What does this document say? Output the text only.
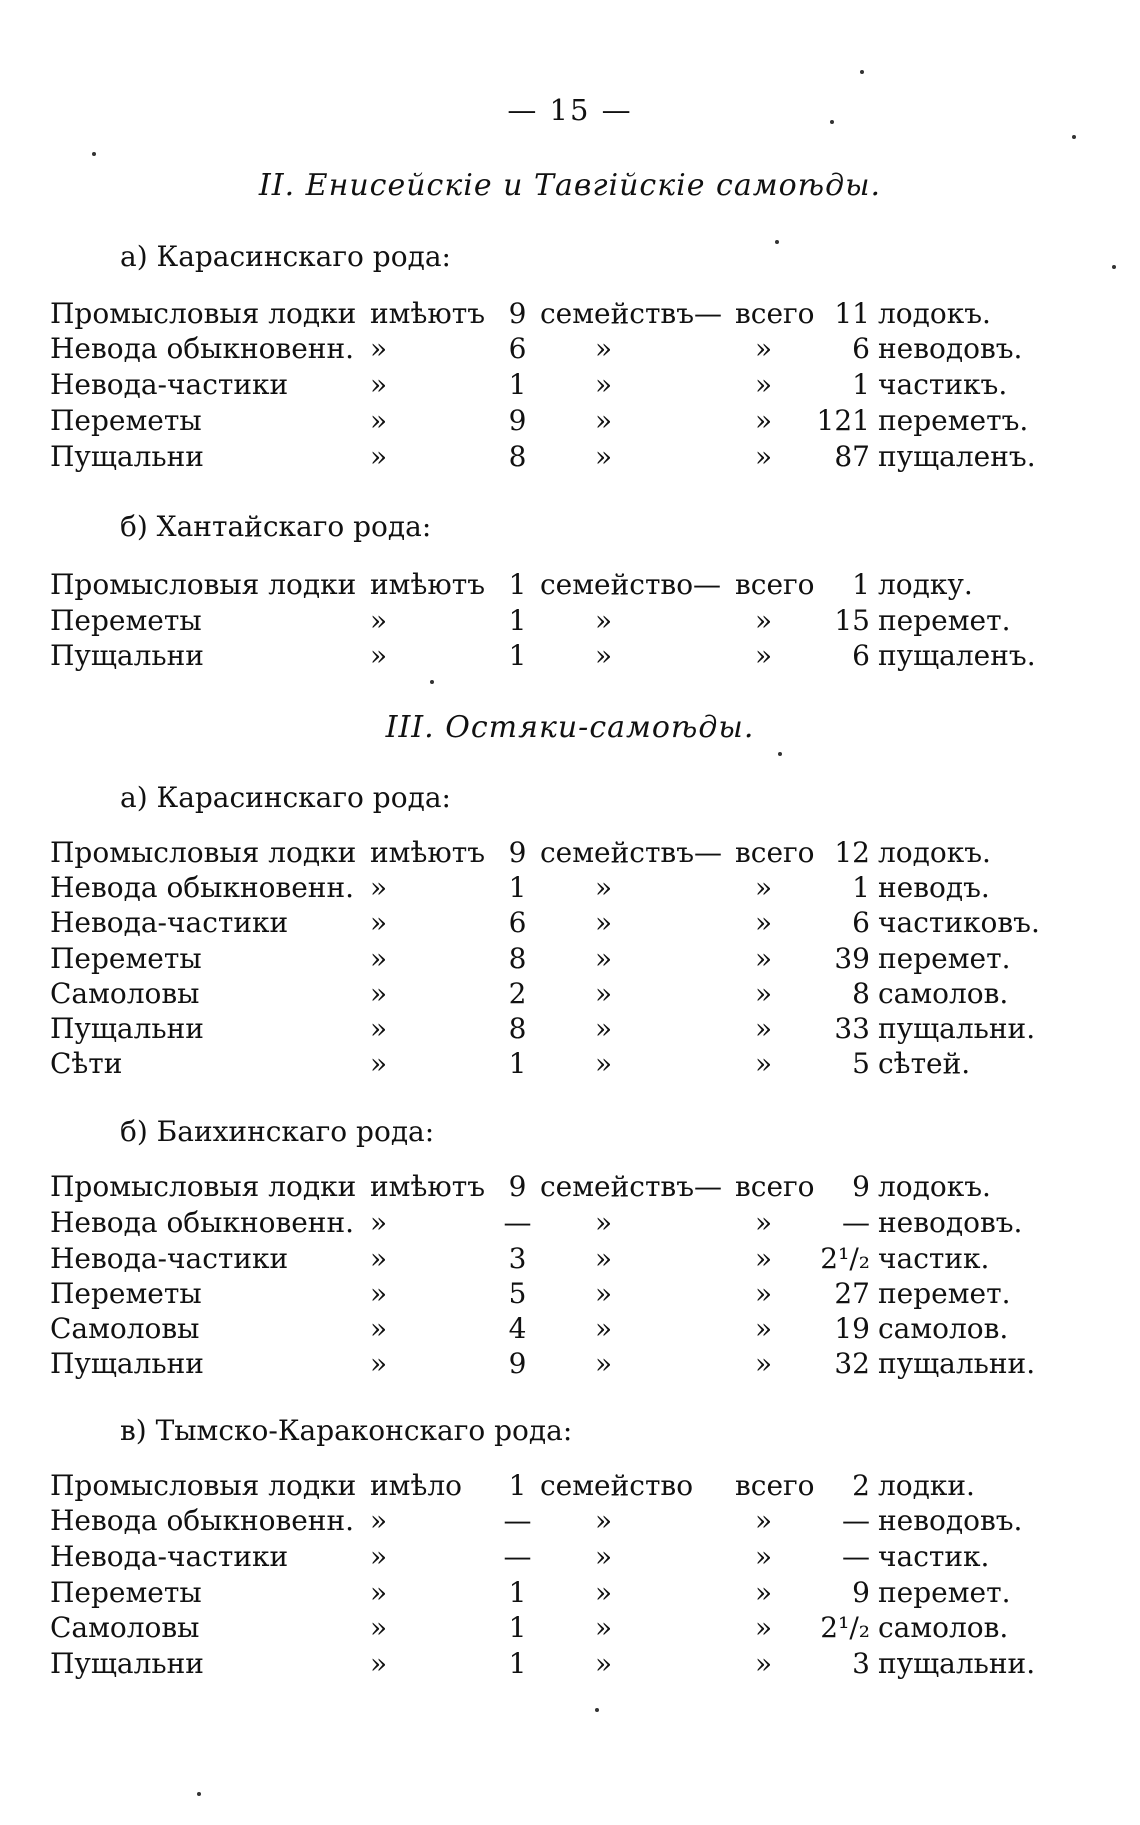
— 15 —
II. Енисейскіе и Тавгійскіе самоѣды.
а) Карасинскаго рода:
Промысловыя лодки имѣютъ 9 семействъ— всего 11 лодокъ.
Невода обыкновенн. »	6	»	»	6 неводовъ.
Невода-частики	»	1	»	»	1 частикъ.
Переметы	»	9	»	»	121 переметъ.
Пущальни	»	8	»	»	87 пущаленъ.
б) Хантайскаго рода:
Промысловыя лодки имѣютъ 1 семейство— всего	1 лодку.
Переметы	»	1	»	»	15 перемет.
Пущальни	»	1	»	»	6 пущаленъ.
III. Остяки-самоѣды.
а) Карасинскаго рода:
Промысловыя лодки имѣютъ 9 семействъ— всего 12 лодокъ.
Невода обыкновенн. »	1	»	»	1 неводъ.
Невода-частики	»	6	»	»	6 частиковъ.
Переметы	»	8	»	»	39 перемет.
Самоловы	»	2	»	»	8 самолов.
Пущальни	»	8	»	»	33 пущальни.
Сѣти	»	1	»	»	5 сѣтей.
б) Баихинскаго рода:
Промысловыя лодки имѣютъ 9 семействъ— всего	9 лодокъ.
Невода обыкновенн. »	—	»	»	— неводовъ.
Невода-частики	»	3	»	»	2¹/₂ частик.
Переметы	»	5	»	»	27 перемет.
Самоловы	»	4	»	»	19 самолов.
Пущальни	»	9	»	»	32 пущальни.
в) Тымско-Караконскаго рода:
Промысловыя лодки имѣло	1 семейство всего	2 лодки.
Невода обыкновенн. »	—	»	»	— неводовъ.
Невода-частики	»	—	»	»	— частик.
Переметы	»	1	»	»	9 перемет.
Самоловы	»	1	»	»	2¹/₂ самолов.
Пущальни	»	1	»	»	3 пущальни.
